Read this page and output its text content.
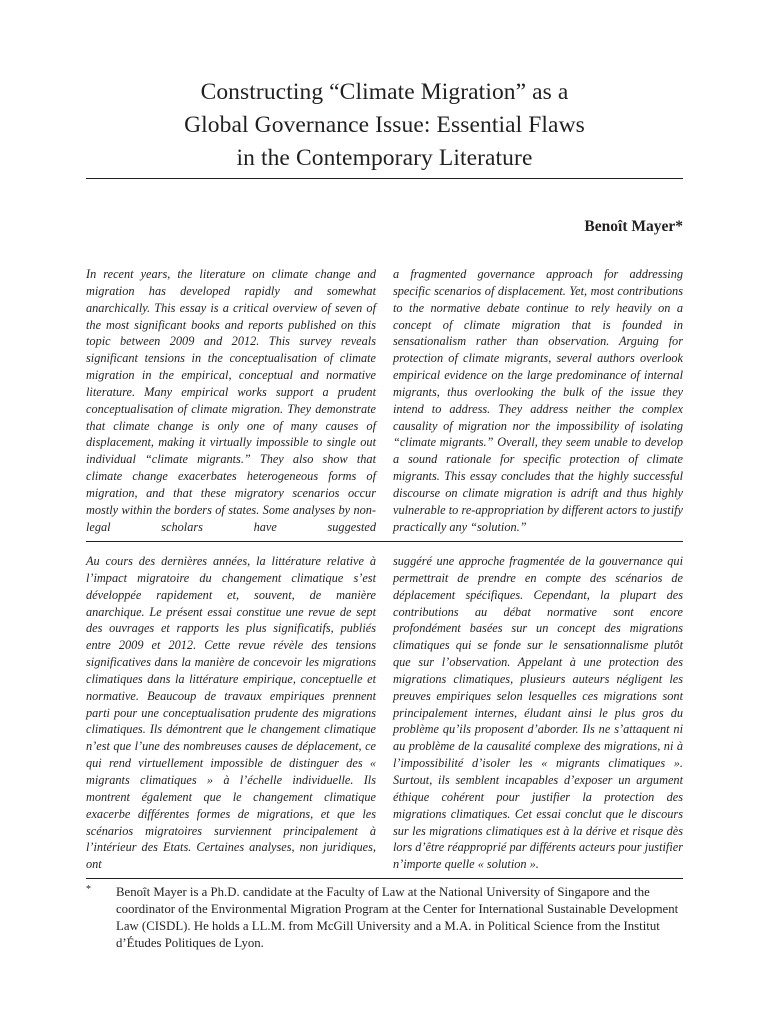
Constructing “Climate Migration” as a
Global Governance Issue: Essential Flaws
in the Contemporary Literature
Benoît Mayer*
In recent years, the literature on climate change and migration has developed rapidly and somewhat anarchically. This essay is a critical overview of seven of the most significant books and reports published on this topic between 2009 and 2012. This survey reveals significant tensions in the conceptualisation of climate migration in the empirical, conceptual and normative literature. Many empirical works support a prudent conceptualisation of climate migration. They demonstrate that climate change is only one of many causes of displacement, making it virtually impossible to single out individual “climate migrants.” They also show that climate change exacerbates heterogeneous forms of migration, and that these migratory scenarios occur mostly within the borders of states. Some analyses by non-legal scholars have suggested
a fragmented governance approach for addressing specific scenarios of displacement. Yet, most contributions to the normative debate continue to rely heavily on a concept of climate migration that is founded in sensationalism rather than observation. Arguing for protection of climate migrants, several authors overlook empirical evidence on the large predominance of internal migrants, thus overlooking the bulk of the issue they intend to address. They address neither the complex causality of migration nor the impossibility of isolating “climate migrants.” Overall, they seem unable to develop a sound rationale for specific protection of climate migrants. This essay concludes that the highly successful discourse on climate migration is adrift and thus highly vulnerable to re-appropriation by different actors to justify practically any “solution.”
Au cours des dernières années, la littérature relative à l’impact migratoire du changement climatique s’est développée rapidement et, souvent, de manière anarchique. Le présent essai constitue une revue de sept des ouvrages et rapports les plus significatifs, publiés entre 2009 et 2012. Cette revue révèle des tensions significatives dans la manière de concevoir les migrations climatiques dans la littérature empirique, conceptuelle et normative. Beaucoup de travaux empiriques prennent parti pour une conceptualisation prudente des migrations climatiques. Ils démontrent que le changement climatique n’est que l’une des nombreuses causes de déplacement, ce qui rend virtuellement impossible de distinguer des « migrants climatiques » à l’échelle individuelle. Ils montrent également que le changement climatique exacerbe différentes formes de migrations, et que les scénarios migratoires surviennent principalement à l’intérieur des Etats. Certaines analyses, non juridiques, ont
suggéré une approche fragmentée de la gouvernance qui permettrait de prendre en compte des scénarios de déplacement spécifiques. Cependant, la plupart des contributions au débat normative sont encore profondément basées sur un concept des migrations climatiques qui se fonde sur le sensationnalisme plutôt que sur l’observation. Appelant à une protection des migrations climatiques, plusieurs auteurs négligent les preuves empiriques selon lesquelles ces migrations sont principalement internes, éludant ainsi le plus gros du problème qu’ils proposent d’aborder. Ils ne s’attaquent ni au problème de la causalité complexe des migrations, ni à l’impossibilité d’isoler les « migrants climatiques ». Surtout, ils semblent incapables d’exposer un argument éthique cohérent pour justifier la protection des migrations climatiques. Cet essai conclut que le discours sur les migrations climatiques est à la dérive et risque dès lors d’être réapproprié par différents acteurs pour justifier n’importe quelle « solution ».
* Benoît Mayer is a Ph.D. candidate at the Faculty of Law at the National University of Singapore and the coordinator of the Environmental Migration Program at the Center for International Sustainable Development Law (CISDL). He holds a LL.M. from McGill University and a M.A. in Political Science from the Institut d’Études Politiques de Lyon.
